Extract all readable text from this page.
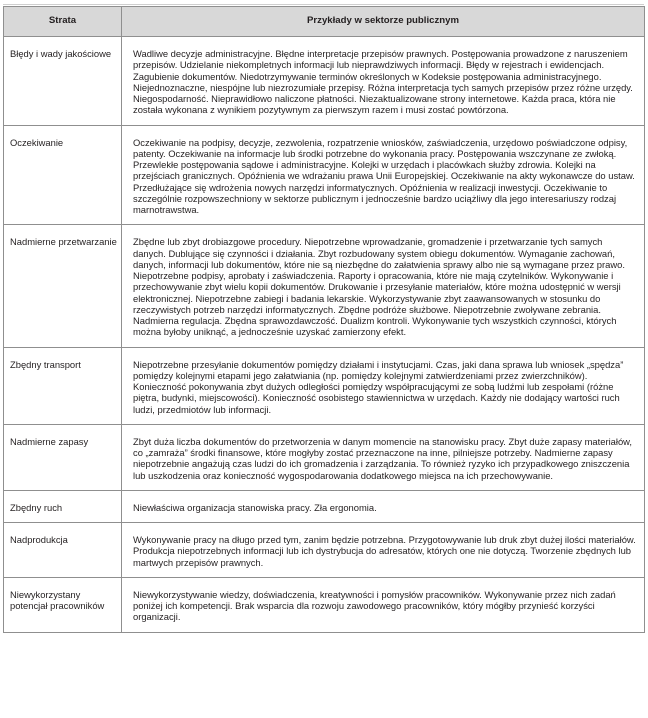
Strata	Przykłady w sektorze publicznym
Błędy i wady jakościowe	Wadliwe decyzje administracyjne. Błędne interpretacje przepisów prawnych. Postępowania prowadzone z naruszeniem przepisów. Udzielanie niekompletnych informacji lub nieprawdziwych informacji. Błędy w rejestrach i ewidencjach. Zagubienie dokumentów. Niedotrzymywanie terminów określonych w Kodeksie postępowania administracyjnego. Niejednoznaczne, niespójne lub niezrozumiałe przepisy. Różna interpretacja tych samych przepisów przez różne urzędy. Niegospodarność. Nieprawidłowo naliczone płatności. Niezaktualizowane strony internetowe. Każda praca, która nie została wykonana z wynikiem pozytywnym za pierwszym razem i musi zostać powtórzona.
Oczekiwanie	Oczekiwanie na podpisy, decyzje, zezwolenia, rozpatrzenie wniosków, zaświadczenia, urzędowo poświadczone odpisy, patenty. Oczekiwanie na informacje lub środki potrzebne do wykonania pracy. Postępowania wszczynane ze zwłoką. Przewlekłe postępowania sądowe i administracyjne. Kolejki w urzędach i placówkach służby zdrowia. Kolejki na przejściach granicznych. Opóźnienia we wdrażaniu prawa Unii Europejskiej. Oczekiwanie na akty wykonawcze do ustaw. Przedłużające się wdrożenia nowych narzędzi informatycznych. Opóźnienia w realizacji inwestycji. Oczekiwanie to szczególnie rozpowszechniony w sektorze publicznym i jednocześnie bardzo uciążliwy dla jego interesariuszy rodzaj marnotrawstwa.
Nadmierne przetwarzanie	Zbędne lub zbyt drobiazgowe procedury. Niepotrzebne wprowadzanie, gromadzenie i przetwarzanie tych samych danych. Dublujące się czynności i działania. Zbyt rozbudowany system obiegu dokumentów. Wymaganie zachowań, danych, informacji lub dokumentów, które nie są niezbędne do załatwienia sprawy albo nie są wymagane przez prawo. Niepotrzebne podpisy, aprobaty i zaświadczenia. Raporty i opracowania, które nie mają czytelników. Wykonywanie i przechowywanie zbyt wielu kopii dokumentów. Drukowanie i przesyłanie materiałów, które można udostępnić w wersji elektronicznej. Niepotrzebne zabiegi i badania lekarskie. Wykorzystywanie zbyt zaawansowanych w stosunku do rzeczywistych potrzeb narzędzi informatycznych. Zbędne podróże służbowe. Niepotrzebnie zwoływane zebrania. Nadmierna regulacja. Zbędna sprawozdawczość. Dualizm kontroli. Wykonywanie tych wszystkich czynności, których można byłoby uniknąć, a jednocześnie uzyskać zamierzony efekt.
Zbędny transport	Niepotrzebne przesyłanie dokumentów pomiędzy działami i instytucjami. Czas, jaki dana sprawa lub wniosek „spędza” pomiędzy kolejnymi etapami jego załatwiania (np. pomiędzy kolejnymi zatwierdzeniami przez zwierzchników). Konieczność pokonywania zbyt dużych odległości pomiędzy współpracującymi ze sobą ludźmi lub zespołami (różne piętra, budynki, miejscowości). Konieczność osobistego stawiennictwa w urzędach. Każdy nie dodający wartości ruch ludzi, przedmiotów lub informacji.
Nadmierne zapasy	Zbyt duża liczba dokumentów do przetworzenia w danym momencie na stanowisku pracy. Zbyt duże zapasy materiałów, co „zamraża” środki finansowe, które mogłyby zostać przeznaczone na inne, pilniejsze potrzeby. Nadmierne zapasy niepotrzebnie angażują czas ludzi do ich gromadzenia i zarządzania. To również ryzyko ich przypadkowego zniszczenia lub uszkodzenia oraz konieczność wygospodarowania dodatkowego miejsca na ich przechowywanie.
Zbędny ruch	Niewłaściwa organizacja stanowiska pracy. Zła ergonomia.
Nadprodukcja	Wykonywanie pracy na długo przed tym, zanim będzie potrzebna. Przygotowywanie lub druk zbyt dużej ilości materiałów. Produkcja niepotrzebnych informacji lub ich dystrybucja do adresatów, których one nie dotyczą. Tworzenie zbędnych lub martwych przepisów prawnych.
Niewykorzystany potencjał pracowników	Niewykorzystywanie wiedzy, doświadczenia, kreatywności i pomysłów pracowników. Wykonywanie przez nich zadań poniżej ich kompetencji. Brak wsparcia dla rozwoju zawodowego pracowników, który mógłby przynieść korzyści organizacji.
